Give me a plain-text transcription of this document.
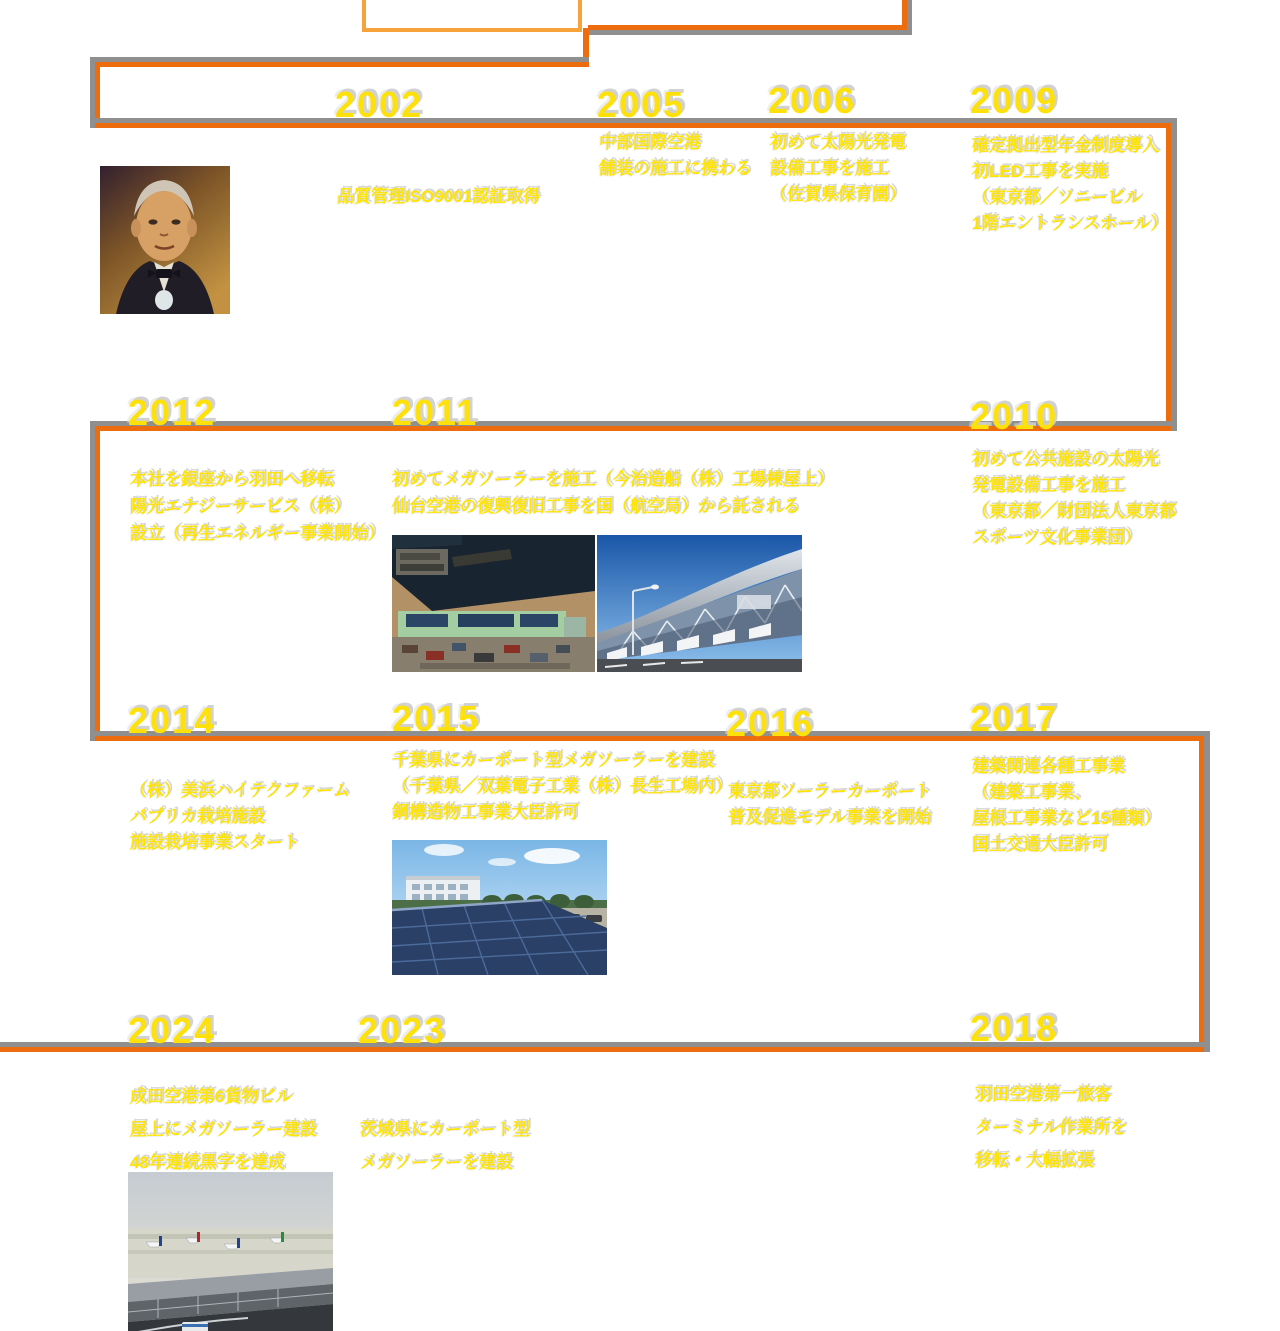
2002
品質管理ISO9001認証取得
2005
中部国際空港
舗装の施工に携わる
2006
初めて太陽光発電
設備工事を施工
（佐賀県保育園）
2009
確定拠出型年金制度導入
初LED工事を実施
（東京都／ソニービル
1階エントランスホール）
2012
本社を銀座から羽田へ移転
陽光エナジーサービス（株）
設立（再生エネルギー事業開始）
2011
初めてメガソーラーを施工（今治造船（株）工場棟屋上）
仙台空港の復興復旧工事を国（航空局）から託される
2010
初めて公共施設の太陽光
発電設備工事を施工
（東京都／財団法人東京都
スポーツ文化事業団）
2014
（株）美浜ハイテクファーム
パプリカ栽培施設
施設栽培事業スタート
2015
千葉県にカーポート型メガソーラーを建設
（千葉県／双葉電子工業（株）長生工場内）
鋼構造物工事業大臣許可
2016
東京都ソーラーカーポート
普及促進モデル事業を開始
2017
建築関連各種工事業
（建築工事業、
屋根工事業など15種類）
国土交通大臣許可
2024
成田空港第6貨物ビル
屋上にメガソーラー建設
48年連続黒字を達成
2023
茨城県にカーポート型
メガソーラーを建設
2018
羽田空港第一旅客
ターミナル作業所を
移転・大幅拡張
